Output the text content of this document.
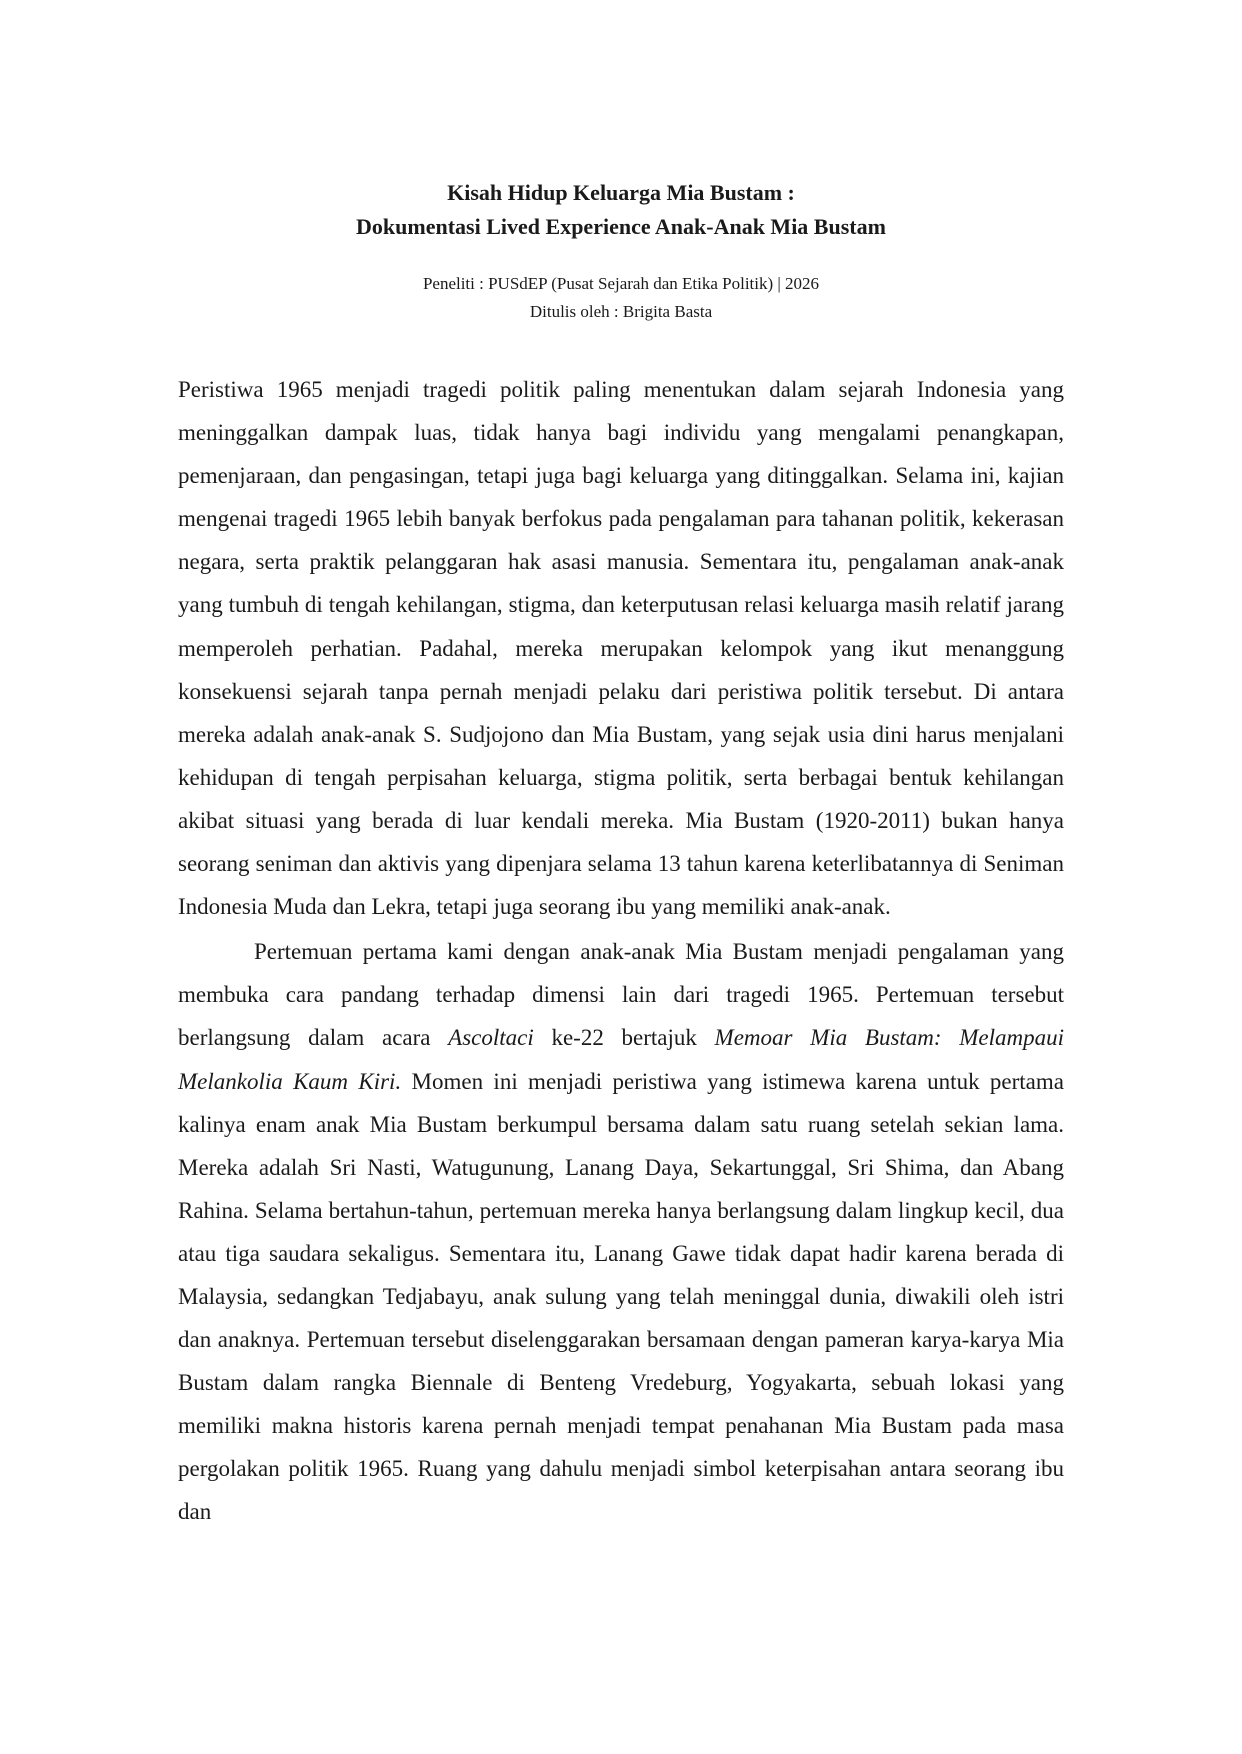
Kisah Hidup Keluarga Mia Bustam :

Dokumentasi Lived Experience Anak-Anak Mia Bustam

Peneliti : PUSdEP (Pusat Sejarah dan Etika Politik) | 2026

Ditulis oleh : Brigita Basta

Peristiwa 1965 menjadi tragedi politik paling menentukan dalam sejarah Indonesia yang meninggalkan dampak luas, tidak hanya bagi individu yang mengalami penangkapan, pemenjaraan, dan pengasingan, tetapi juga bagi keluarga yang ditinggalkan. Selama ini, kajian mengenai tragedi 1965 lebih banyak berfokus pada pengalaman para tahanan politik, kekerasan negara, serta praktik pelanggaran hak asasi manusia. Sementara itu, pengalaman anak-anak yang tumbuh di tengah kehilangan, stigma, dan keterputusan relasi keluarga masih relatif jarang memperoleh perhatian. Padahal, mereka merupakan kelompok yang ikut menanggung konsekuensi sejarah tanpa pernah menjadi pelaku dari peristiwa politik tersebut. Di antara mereka adalah anak-anak S. Sudjojono dan Mia Bustam, yang sejak usia dini harus menjalani kehidupan di tengah perpisahan keluarga, stigma politik, serta berbagai bentuk kehilangan akibat situasi yang berada di luar kendali mereka. Mia Bustam (1920-2011) bukan hanya seorang seniman dan aktivis yang dipenjara selama 13 tahun karena keterlibatannya di Seniman Indonesia Muda dan Lekra, tetapi juga seorang ibu yang memiliki anak-anak.

Pertemuan pertama kami dengan anak-anak Mia Bustam menjadi pengalaman yang membuka cara pandang terhadap dimensi lain dari tragedi 1965. Pertemuan tersebut berlangsung dalam acara Ascoltaci ke-22 bertajuk Memoar Mia Bustam: Melampaui Melankolia Kaum Kiri. Momen ini menjadi peristiwa yang istimewa karena untuk pertama kalinya enam anak Mia Bustam berkumpul bersama dalam satu ruang setelah sekian lama. Mereka adalah Sri Nasti, Watugunung, Lanang Daya, Sekartunggal, Sri Shima, dan Abang Rahina. Selama bertahun-tahun, pertemuan mereka hanya berlangsung dalam lingkup kecil, dua atau tiga saudara sekaligus. Sementara itu, Lanang Gawe tidak dapat hadir karena berada di Malaysia, sedangkan Tedjabayu, anak sulung yang telah meninggal dunia, diwakili oleh istri dan anaknya. Pertemuan tersebut diselenggarakan bersamaan dengan pameran karya-karya Mia Bustam dalam rangka Biennale di Benteng Vredeburg, Yogyakarta, sebuah lokasi yang memiliki makna historis karena pernah menjadi tempat penahanan Mia Bustam pada masa pergolakan politik 1965. Ruang yang dahulu menjadi simbol keterpisahan antara seorang ibu dan
